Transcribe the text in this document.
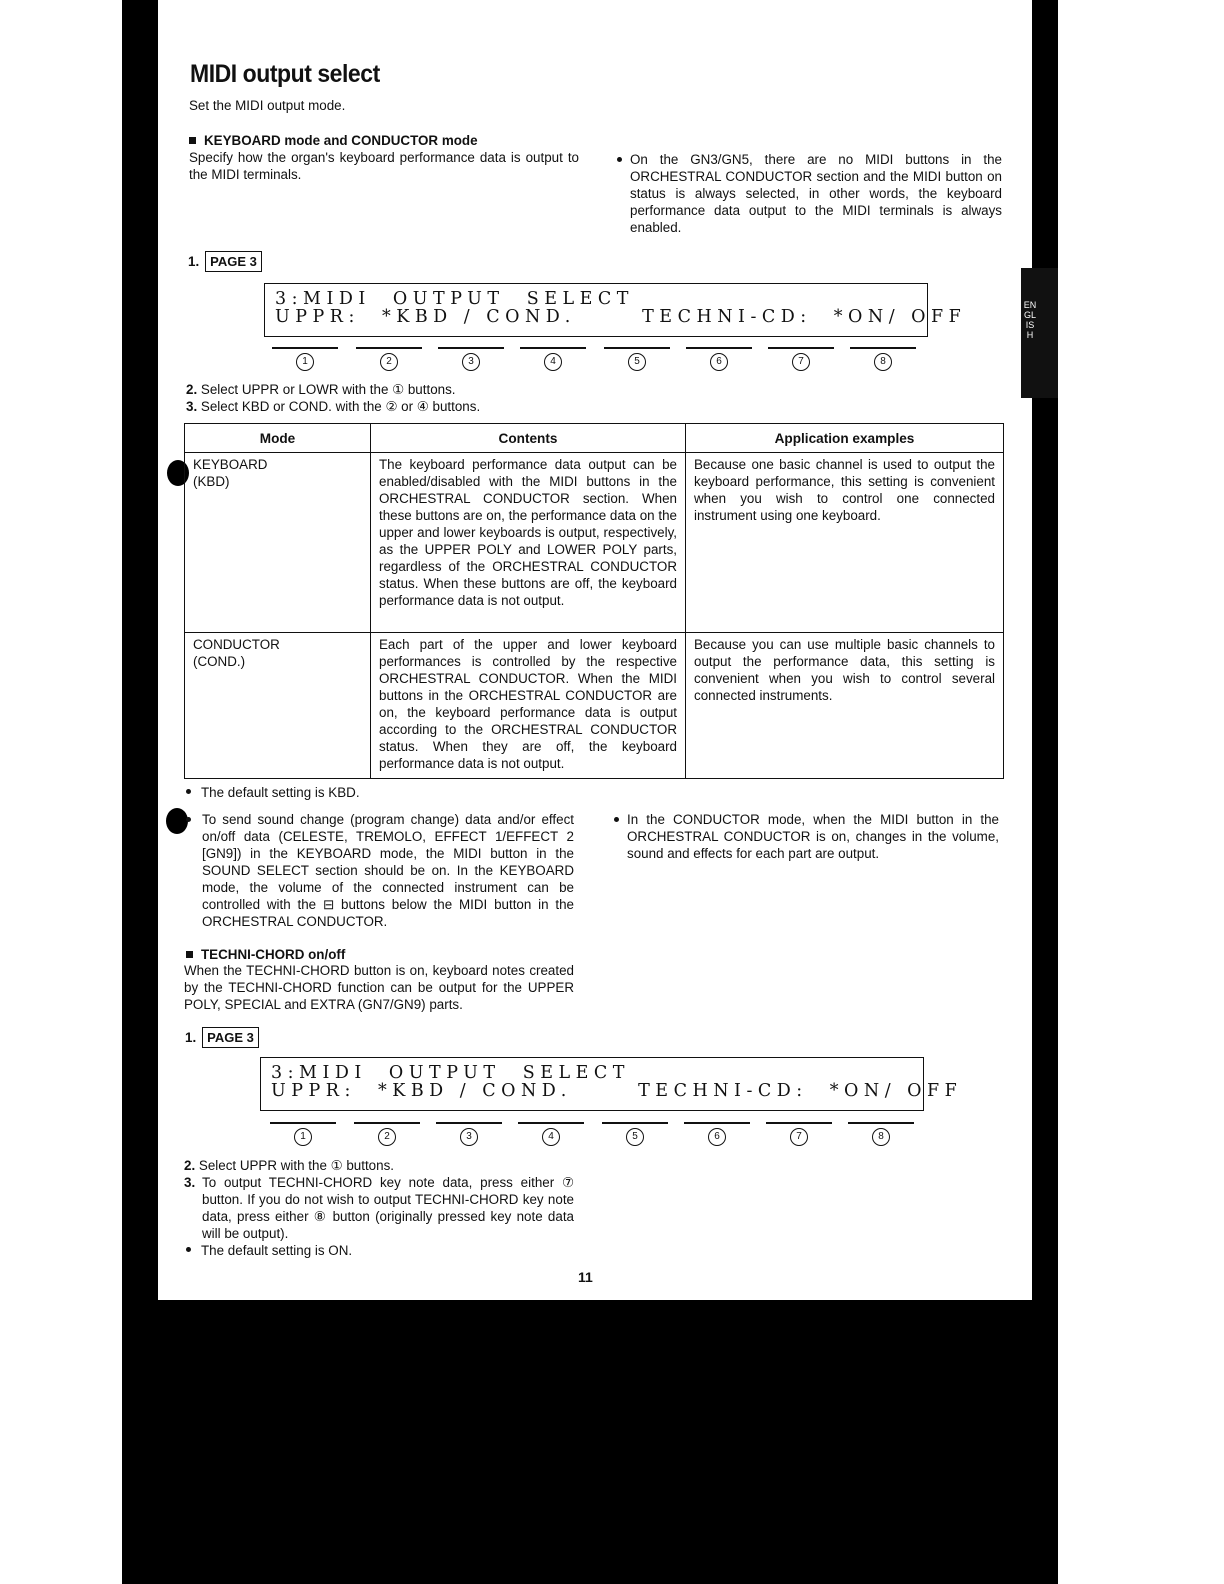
ENGLISH
MIDI output select
Set the MIDI output mode.
KEYBOARD mode and CONDUCTOR mode
Specify how the organ's keyboard performance data is output to the MIDI terminals.
On the GN3/GN5, there are no MIDI buttons in the ORCHESTRAL CONDUCTOR section and the MIDI button on status is always selected, in other words, the keyboard performance data output to the MIDI terminals is always enabled.
1. PAGE 3
3:MIDI  OUTPUT  SELECT
UPPR:  *KBD / COND.      TECHNI-CD:  *ON/ OFF
1	2	3	4	5	6	7	8
2. Select UPPR or LOWR with the ① buttons.
3. Select KBD or COND. with the ② or ④ buttons.
Mode	Contents	Application examples

KEYBOARD
(KBD)	The keyboard performance data output can be enabled/disabled with the MIDI buttons in the ORCHESTRAL CONDUCTOR section. When these buttons are on, the performance data on the upper and lower keyboards is output, respectively, as the UPPER POLY and LOWER POLY parts, regardless of the ORCHESTRAL CONDUCTOR status. When these buttons are off, the keyboard performance data is not output.	Because one basic channel is used to output the keyboard performance, this setting is convenient when you wish to control one connected instrument using one keyboard.

CONDUCTOR
(COND.)	Each part of the upper and lower keyboard performances is controlled by the respective ORCHESTRAL CONDUCTOR. When the MIDI buttons in the ORCHESTRAL CONDUCTOR are on, the keyboard performance data is output according to the ORCHESTRAL CONDUCTOR status. When they are off, the keyboard performance data is not output.	Because you can use multiple basic channels to output the performance data, this setting is convenient when you wish to control several connected instruments.
The default setting is KBD.
To send sound change (program change) data and/or effect on/off data (CELESTE, TREMOLO, EFFECT 1/EFFECT 2 [GN9]) in the KEYBOARD mode, the MIDI button in the SOUND SELECT section should be on. In the KEYBOARD mode, the volume of the connected instrument can be controlled with the ⊟ buttons below the MIDI button in the ORCHESTRAL CONDUCTOR.
In the CONDUCTOR mode, when the MIDI button in the ORCHESTRAL CONDUCTOR is on, changes in the volume, sound and effects for each part are output.
TECHNI-CHORD on/off
When the TECHNI-CHORD button is on, keyboard notes created by the TECHNI-CHORD function can be output for the UPPER POLY, SPECIAL and EXTRA (GN7/GN9) parts.
1. PAGE 3
3:MIDI  OUTPUT  SELECT
UPPR:  *KBD / COND.      TECHNI-CD:  *ON/ OFF
1	2	3	4	5	6	7	8
2. Select UPPR with the ① buttons.
3. To output TECHNI-CHORD key note data, press either ⑦ button. If you do not wish to output TECHNI-CHORD key note data, press either ⑧ button (originally pressed key note data will be output).
The default setting is ON.
11
